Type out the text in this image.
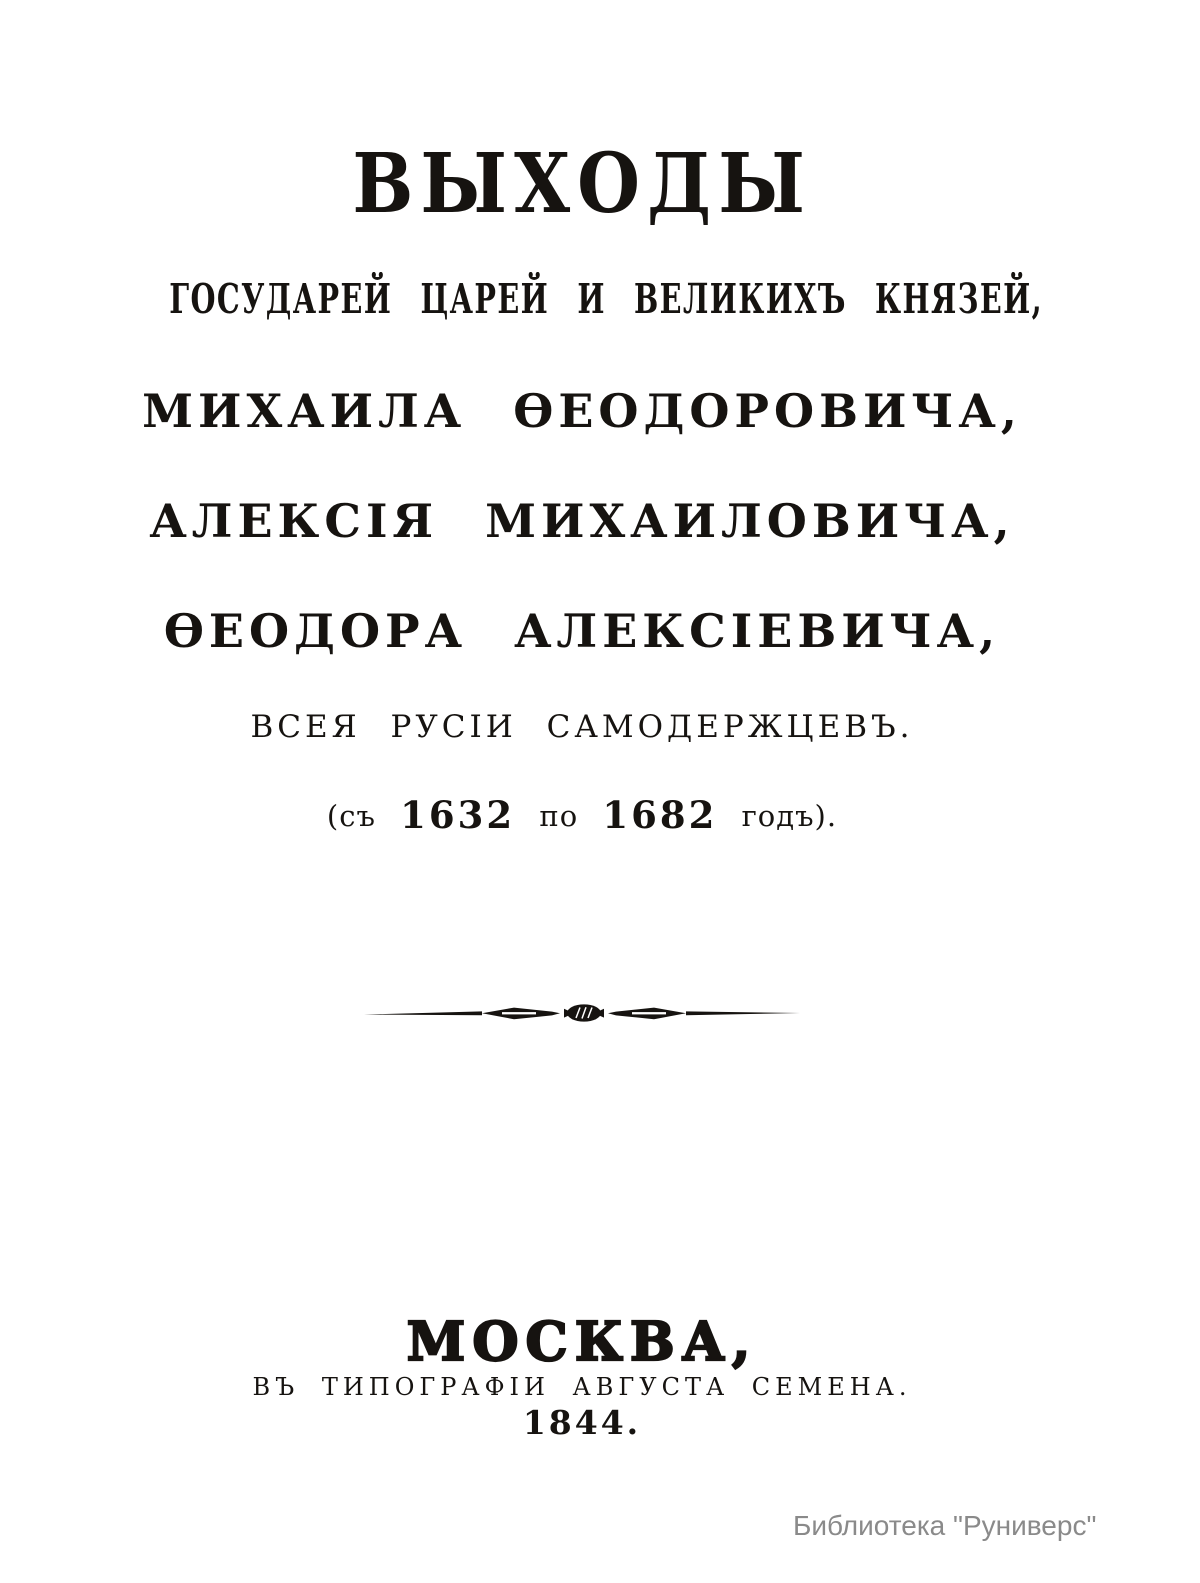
ВЫХОДЫ
ГОСУДАРЕЙ ЦАРЕЙ И ВЕЛИКИХЪ КНЯЗЕЙ,
МИХАИЛА ѲЕОДОРОВИЧА,
АЛЕКСІЯ МИХАИЛОВИЧА,
ѲЕОДОРА АЛЕКСІЕВИЧА,
ВСЕЯ РУСІИ САМОДЕРЖЦЕВЪ.
(съ 1632 по 1682 годъ).
МОСКВА,
ВЪ ТИПОГРАФІИ АВГУСТА СЕМЕНА.
1844.
Библиотека "Руниверс"
